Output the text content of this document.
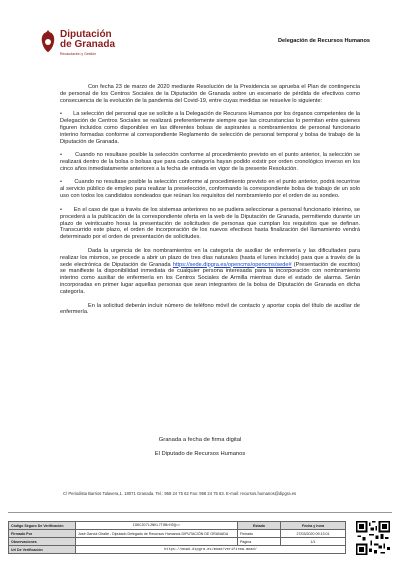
Diputación
de Granada
Recaudación y Gestión
Delegación de Recursos Humanos

Con fecha 23 de marzo de 2020 mediante Resolución de la Presidencia se aprueba el Plan de contingencia de personal de los Centros Sociales de la Diputación de Granada sobre un escenario de pérdida de efectivos como consecuencia de la evolución de la pandemia del Covid-19, entre cuyas medidas se resuelve lo siguiente:

•       La selección del personal que se solicite a la Delegación de Recursos Humanos por los órganos competentes de la Delegación de Centros Sociales se realizará preferentemente siempre que las circunstancias lo permitan entre quienes figuren incluidos como disponibles en las diferentes bolsas de aspirantes a nombramientos de personal funcionario interino formadas conforme al correspondiente Reglamento de selección de personal temporal y bolsa de trabajo de la Diputación de Granada.

•       Cuando no resultase posible la selección conforme al procedimiento previsto en el punto anterior, la selección se realizará dentro de la bolsa o bolsas que para cada categoría hayan podido existir por orden cronológico inverso en los cinco años inmediatamente anteriores a la fecha de entrada en vigor de la presente Resolución.

•       Cuando no resultase posible la selección conforme al procedimiento previsto en el punto anterior, podrá recurrirse al servicio público de empleo para realizar la preselección, conformando la correspondiente bolsa de trabajo de un solo uso con todos los candidatos sondeados que reúnan los requisitos del nombramiento por el orden de su sondeo.

•       En el caso de que a través de los sistemas anteriores no se pudiera seleccionar a personal funcionario interino, se procederá a la publicación de la correspondiente oferta en la web de la Diputación de Granada, permitiendo durante un plazo de veinticuatro horas la presentación de solicitudes de personas que cumplan los requisitos que se definan. Transcurrido este plazo, el orden de incorporación de los nuevos efectivos hasta finalización del llamamiento vendrá determinado por el orden de presentación de solicitudes.

Dada la urgencia de los nombramientos en la categoría de auxiliar de enfermería y las dificultades para realizar los mismos, se procede a abrir un plazo de tres días naturales (hasta el lunes incluido) para que a través de la sede electrónica de Diputación de Granada https://sede.dipgra.es/opencms/opencms/sede# (Presentación de escritos) se manifieste la disponibilidad inmediata de cualquier persona interesada para la incorporación con nombramiento interino como auxiliar de enfermería en los Centros Sociales de Armilla mientras dure el estado de alarma. Serán incorporadas en primer lugar aquellas personas que sean integrantes de la bolsa de Diputación de Granada en dicha categoría.

En la solicitud deberán incluir número de teléfono móvil de contacto y aportar copia del título de auxiliar de enfermería.

Granada a fecha de firma digital
El Diputado de Recursos Humanos
C/ Periodista Barrios Talavera,1. 18071 Granada. Tel.: 958 24 75 62 Fax: 958 24 75 63. E-mail: recursos.humanos@dipgra.es
Código Seguro De Verificación	IGKC2D7L2NKL7T8BrHDQ==	Estado	Fecha y hora
Firmado Por	José García Giralte - Diputado Delegado de Recursos Humanos DIPUTACIÓN DE GRANADA	Firmado	27/03/2020 09:13:01
Observaciones		Página	1/1
Url De Verificación	https://moad.dipgra.es/moad/verifirma-moad/		
